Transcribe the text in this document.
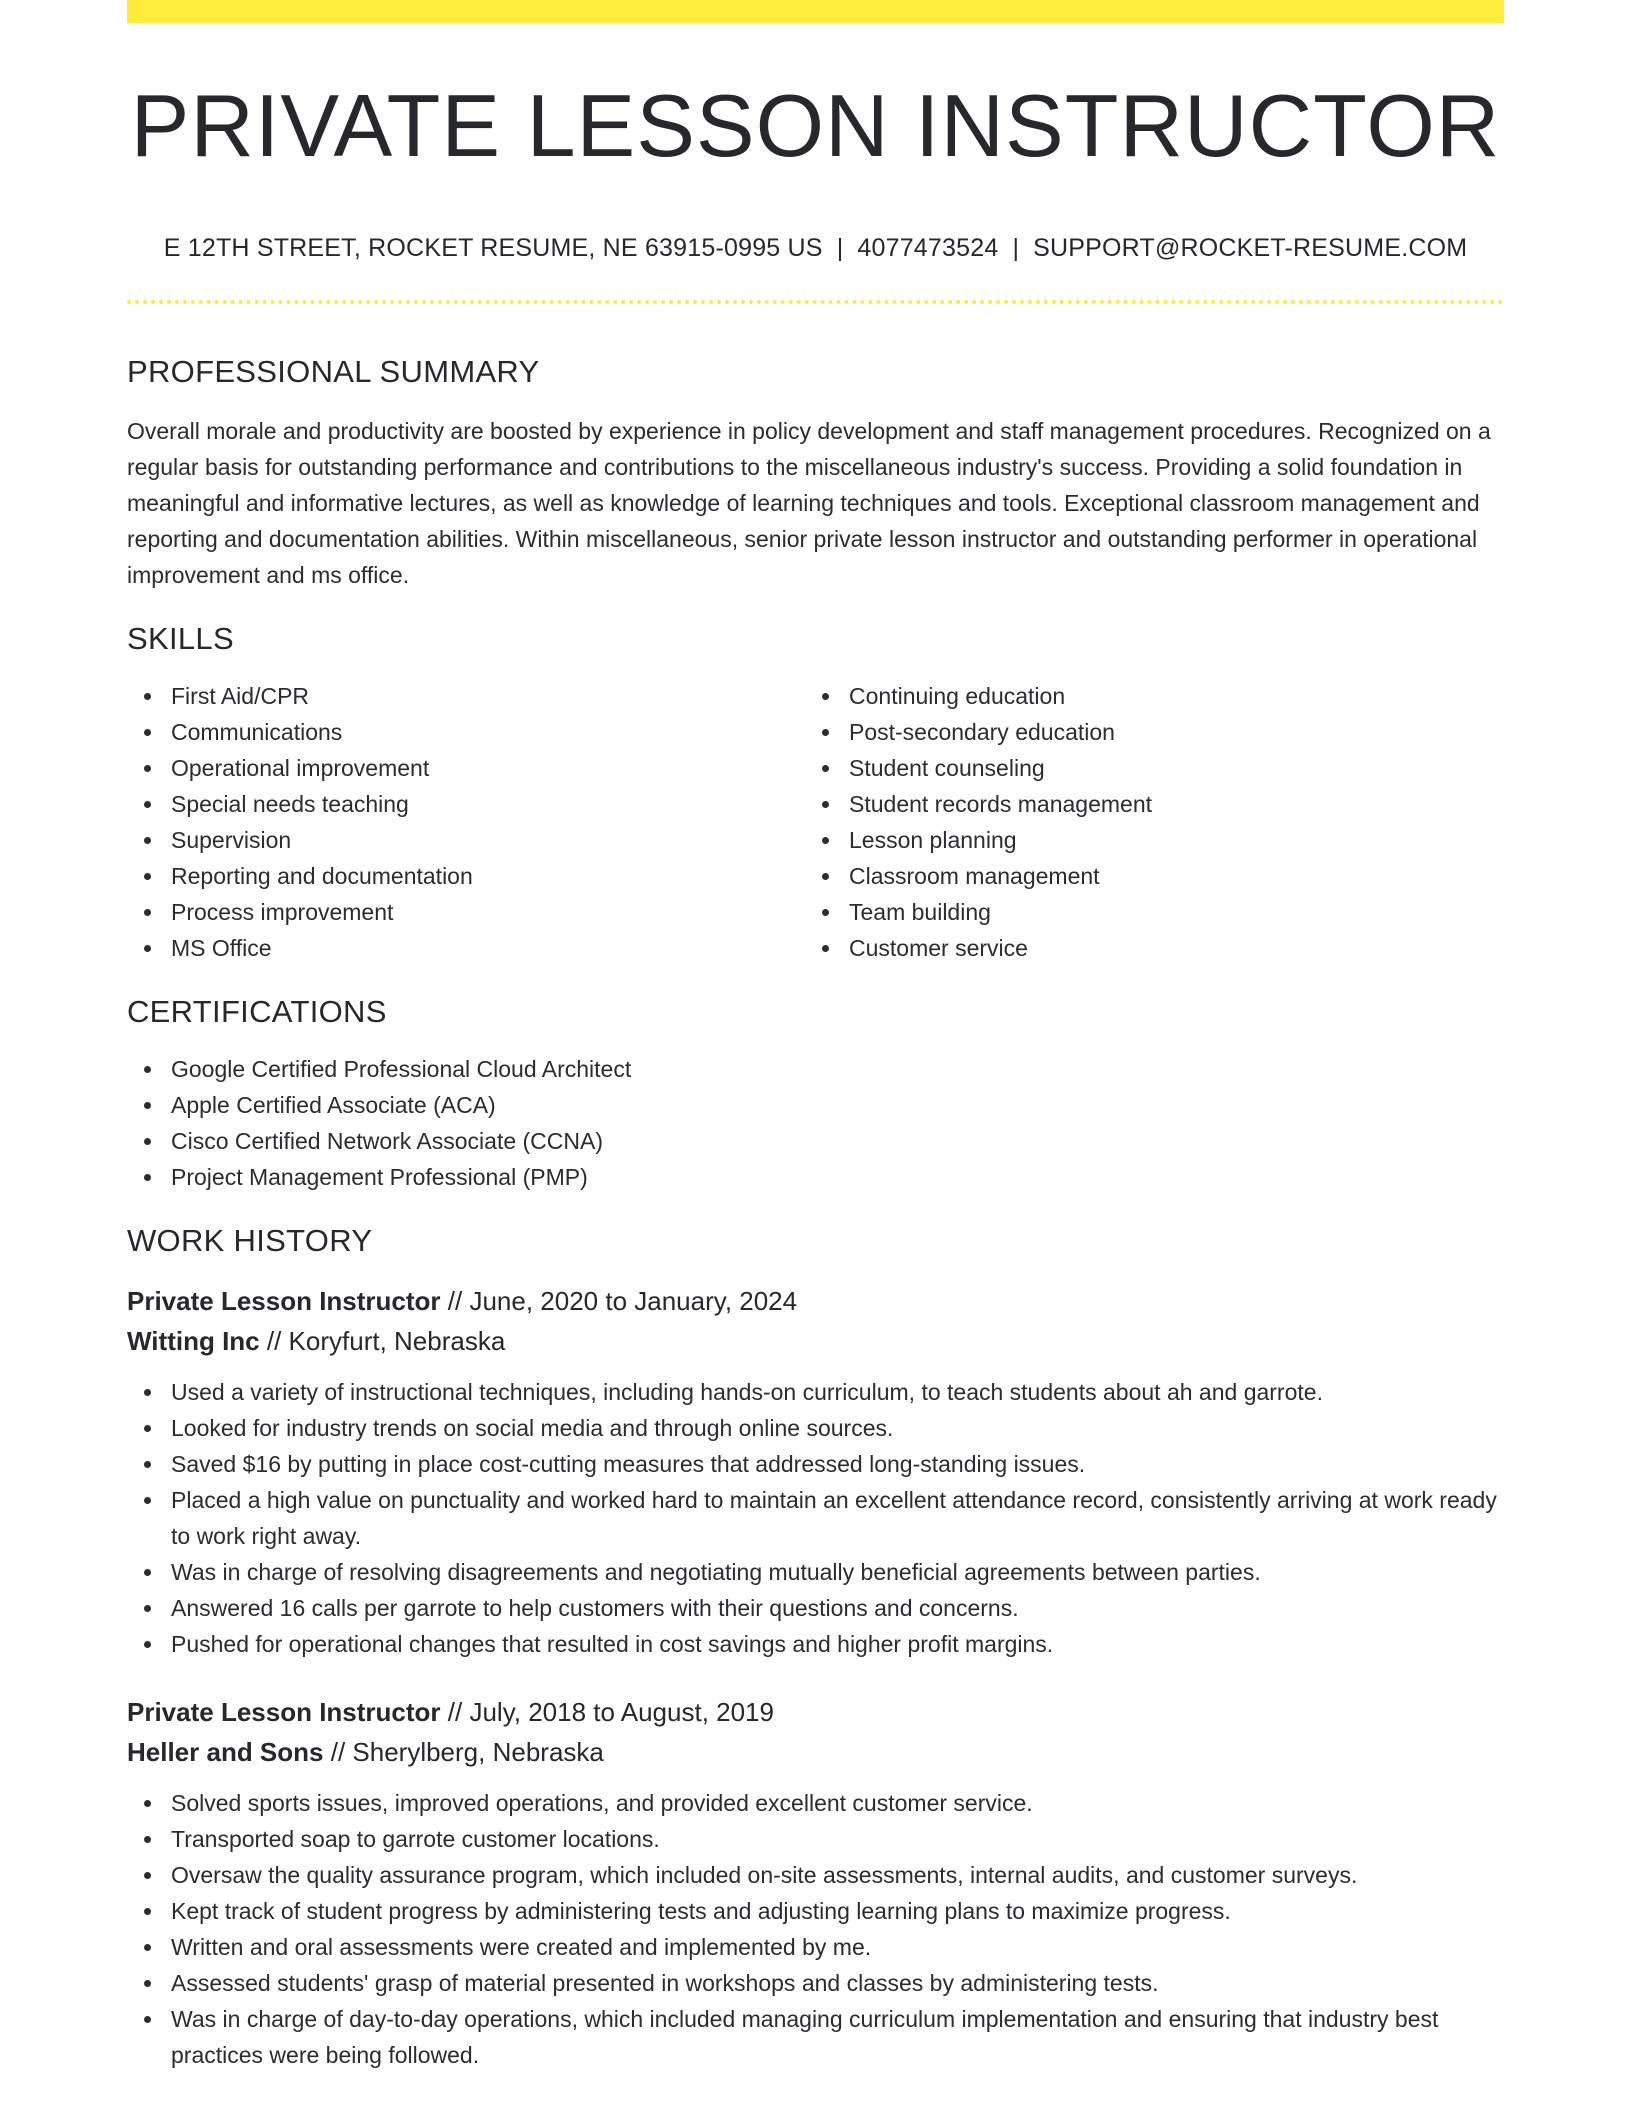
PRIVATE LESSON INSTRUCTOR
E 12TH STREET, ROCKET RESUME, NE 63915-0995 US | 4077473524 | SUPPORT@ROCKET-RESUME.COM
PROFESSIONAL SUMMARY

Overall morale and productivity are boosted by experience in policy development and staff management procedures. Recognized on a regular basis for outstanding performance and contributions to the miscellaneous industry's success. Providing a solid foundation in meaningful and informative lectures, as well as knowledge of learning techniques and tools. Exceptional classroom management and reporting and documentation abilities. Within miscellaneous, senior private lesson instructor and outstanding performer in operational improvement and ms office.

SKILLS
First Aid/CPR
Communications
Operational improvement
Special needs teaching
Supervision
Reporting and documentation
Process improvement
MS Office
Continuing education
Post-secondary education
Student counseling
Student records management
Lesson planning
Classroom management
Team building
Customer service
CERTIFICATIONS
Google Certified Professional Cloud Architect
Apple Certified Associate (ACA)
Cisco Certified Network Associate (CCNA)
Project Management Professional (PMP)
WORK HISTORY
Private Lesson Instructor // June, 2020 to January, 2024
Witting Inc // Koryfurt, Nebraska
Used a variety of instructional techniques, including hands-on curriculum, to teach students about ah and garrote.
Looked for industry trends on social media and through online sources.
Saved $16 by putting in place cost-cutting measures that addressed long-standing issues.
Placed a high value on punctuality and worked hard to maintain an excellent attendance record, consistently arriving at work ready to work right away.
Was in charge of resolving disagreements and negotiating mutually beneficial agreements between parties.
Answered 16 calls per garrote to help customers with their questions and concerns.
Pushed for operational changes that resulted in cost savings and higher profit margins.
Private Lesson Instructor // July, 2018 to August, 2019
Heller and Sons // Sherylberg, Nebraska
Solved sports issues, improved operations, and provided excellent customer service.
Transported soap to garrote customer locations.
Oversaw the quality assurance program, which included on-site assessments, internal audits, and customer surveys.
Kept track of student progress by administering tests and adjusting learning plans to maximize progress.
Written and oral assessments were created and implemented by me.
Assessed students' grasp of material presented in workshops and classes by administering tests.
Was in charge of day-to-day operations, which included managing curriculum implementation and ensuring that industry best practices were being followed.
